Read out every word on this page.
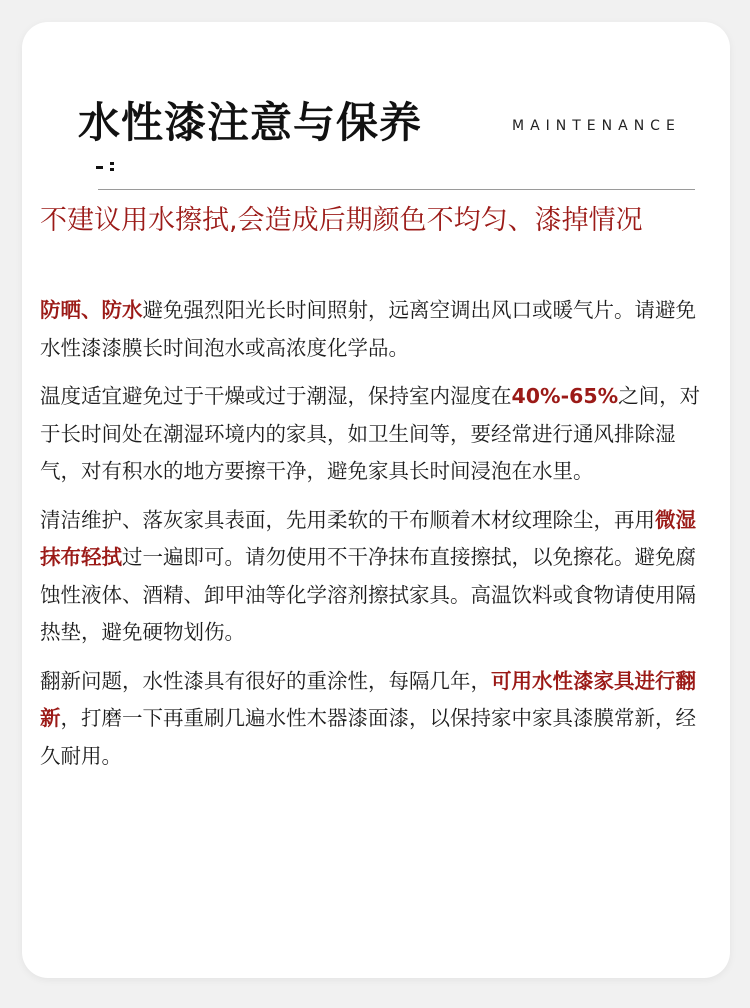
水性漆注意与保养	MAINTENANCE
不建议用水擦拭,会造成后期颜色不均匀、漆掉情况

防晒、防水避免强烈阳光长时间照射，远离空调出风口或暖气片。请避免水性漆漆膜长时间泡水或高浓度化学品。

温度适宜避免过于干燥或过于潮湿，保持室内湿度在40%-65%之间，对于长时间处在潮湿环境内的家具，如卫生间等，要经常进行通风排除湿气，对有积水的地方要擦干净，避免家具长时间浸泡在水里。

清洁维护、落灰家具表面，先用柔软的干布顺着木材纹理除尘，再用微湿抹布轻拭过一遍即可。请勿使用不干净抹布直接擦拭，以免擦花。避免腐蚀性液体、酒精、卸甲油等化学溶剂擦拭家具。高温饮料或食物请使用隔热垫，避免硬物划伤。

翻新问题，水性漆具有很好的重涂性，每隔几年，可用水性漆家具进行翻新，打磨一下再重刷几遍水性木器漆面漆，以保持家中家具漆膜常新，经久耐用。
